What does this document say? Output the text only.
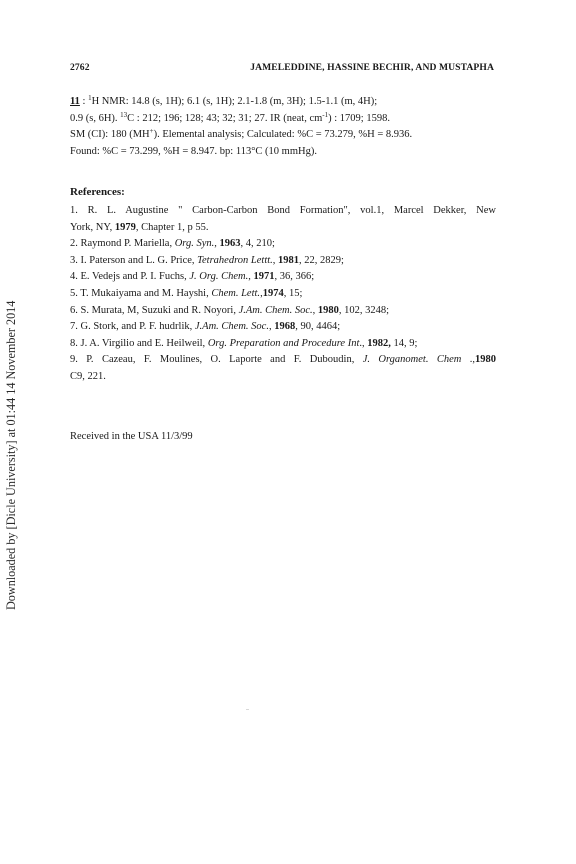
Downloaded by [Dicle University] at 01:44 14 November 2014
2762	JAMELEDDINE, HASSINE BECHIR, AND MUSTAPHA
11 : $^1$H NMR: 14.8 (s, 1H); 6.1 (s, 1H); 2.1-1.8 (m, 3H); 1.5-1.1 (m, 4H);
0.9 (s, 6H). $^{13}$C : 212; 196; 128; 43; 32; 31; 27. IR (neat, $cm^{-1}$) : 1709; 1598.
SM (CI): 180 (MH+). Elemental analysis; Calculated: %C = 73.279, %H = 8.936.
Found: %C = 73.299, %H = 8.947. bp: 113°C (10 mmHg).
References:
1. R. L. Augustine " Carbon-Carbon Bond Formation", vol.1, Marcel Dekker, New
York, NY, 1979, Chapter 1, p 55.
2. Raymond P. Mariella, Org. Syn., 1963, 4, 210;
3. I. Paterson and L. G. Price, Tetrahedron Lettt., 1981, 22, 2829;
4. E. Vedejs and P. I. Fuchs, J. Org. Chem., 1971, 36, 366;
5. T. Mukaiyama and M. Hayshi, Chem. Lett.,1974, 15;
6. S. Murata, M, Suzuki and R. Noyori, J.Am. Chem. Soc., 1980, 102, 3248;
7. G. Stork, and P. F. hudrlik, J.Am. Chem. Soc., 1968, 90, 4464;
8. J. A. Virgilio and E. Heilweil, Org. Preparation and Procedure Int., 1982, 14, 9;
9. P. Cazeau, F. Moulines, O. Laporte and F. Duboudin, J. Organomet. Chem .,1980
C9, 221.
Received in the USA 11/3/99
